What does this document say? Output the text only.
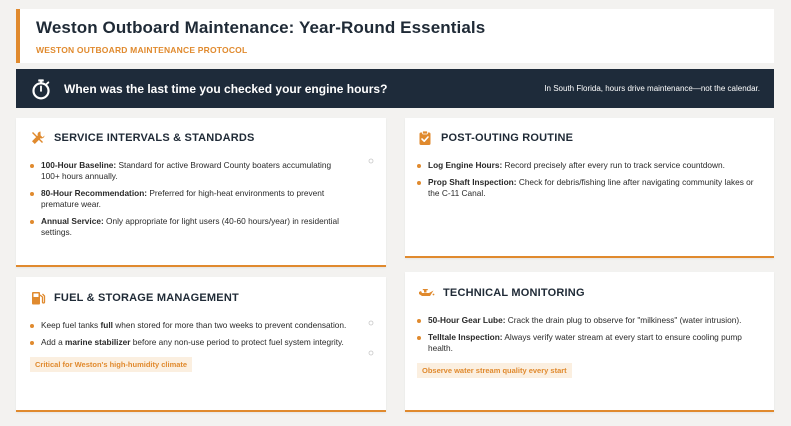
Weston Outboard Maintenance: Year-Round Essentials
WESTON OUTBOARD MAINTENANCE PROTOCOL
When was the last time you checked your engine hours?	In South Florida, hours drive maintenance—not the calendar.
SERVICE INTERVALS & STANDARDS
100-Hour Baseline: Standard for active Broward County boaters accumulating 100+ hours annually.
80-Hour Recommendation: Preferred for high-heat environments to prevent premature wear.
Annual Service: Only appropriate for light users (40-60 hours/year) in residential settings.
POST-OUTING ROUTINE
Log Engine Hours: Record precisely after every run to track service countdown.
Prop Shaft Inspection: Check for debris/fishing line after navigating community lakes or the C-11 Canal.
FUEL & STORAGE MANAGEMENT
Keep fuel tanks full when stored for more than two weeks to prevent condensation.
Add a marine stabilizer before any non-use period to protect fuel system integrity.
Critical for Weston's high-humidity climate
TECHNICAL MONITORING
50-Hour Gear Lube: Crack the drain plug to observe for "milkiness" (water intrusion).
Telltale Inspection: Always verify water stream at every start to ensure cooling pump health.
Observe water stream quality every start
